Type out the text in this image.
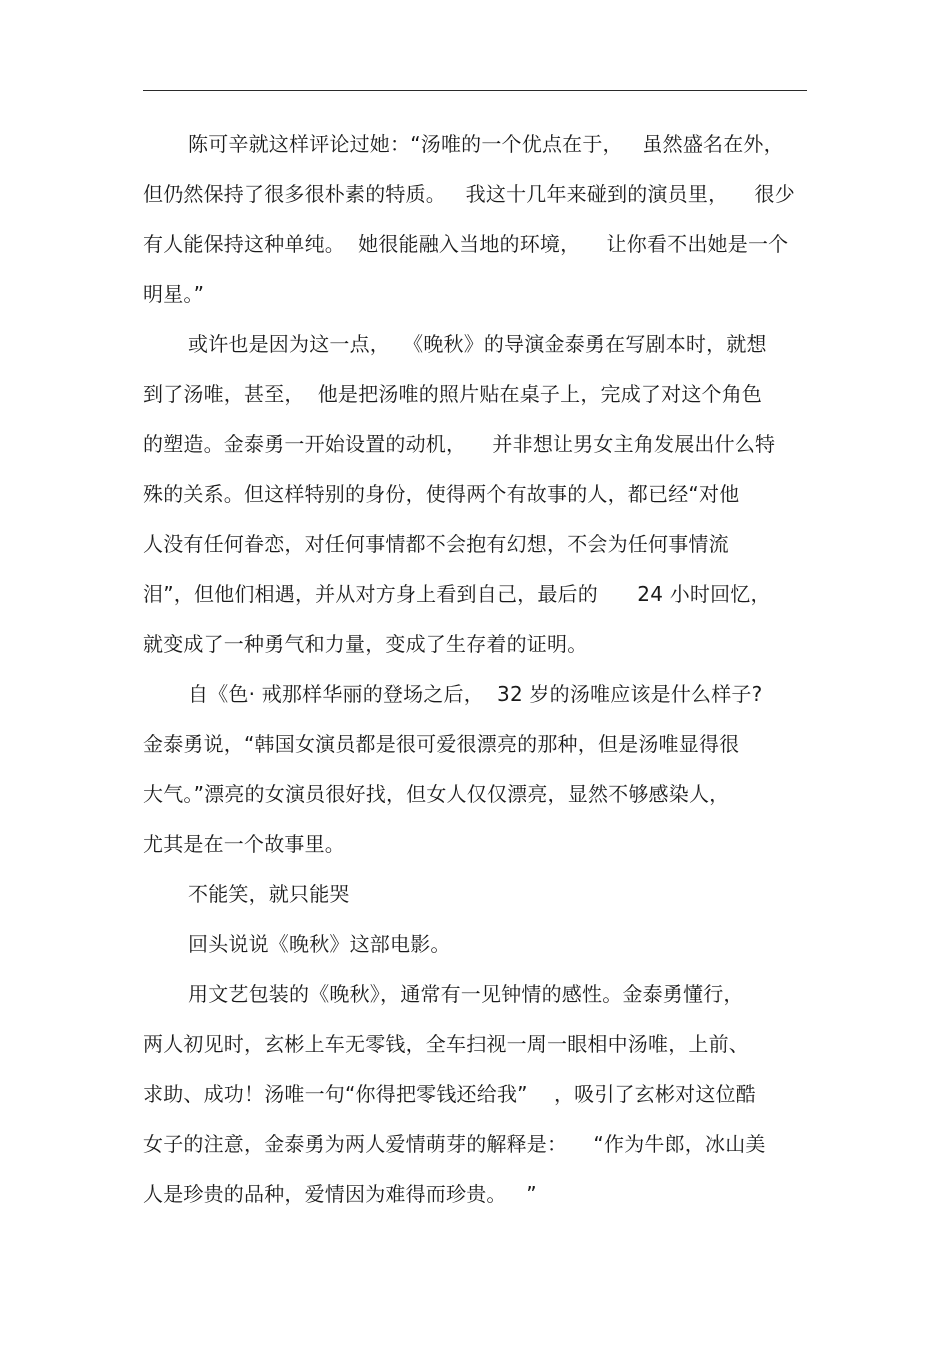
陈可辛就这样评论过她：“汤唯的一个优点在于，   虽然盛名在外，
但仍然保持了很多很朴素的特质。   我这十几年来碰到的演员里，    很少
有人能保持这种单纯。  她很能融入当地的环境，    让你看不出她是一个
明星。”
或许也是因为这一点，  《晚秋》的导演金泰勇在写剧本时，就想
到了汤唯，甚至，  他是把汤唯的照片贴在桌子上，完成了对这个角色
的塑造。金泰勇一开始设置的动机，    并非想让男女主角发展出什么特
殊的关系。但这样特别的身份，使得两个有故事的人，都已经“对他
人没有任何眷恋，对任何事情都不会抱有幻想，不会为任何事情流
泪”，但他们相遇，并从对方身上看到自己，最后的      24 小时回忆，
就变成了一种勇气和力量，变成了生存着的证明。
自《色· 戒那样华丽的登场之后，  32 岁的汤唯应该是什么样子?
金泰勇说，“韩国女演员都是很可爱很漂亮的那种，但是汤唯显得很
大气。”漂亮的女演员很好找，但女人仅仅漂亮，显然不够感染人，
尤其是在一个故事里。
不能笑，就只能哭
回头说说《晚秋》这部电影。
用文艺包装的《晚秋》，通常有一见钟情的感性。金泰勇懂行，
两人初见时，玄彬上车无零钱，全车扫视一周一眼相中汤唯，上前、
求助、成功！汤唯一句“你得把零钱还给我”    ，吸引了玄彬对这位酷
女子的注意，金泰勇为两人爱情萌芽的解释是：    “作为牛郎，冰山美
人是珍贵的品种，爱情因为难得而珍贵。   ”
